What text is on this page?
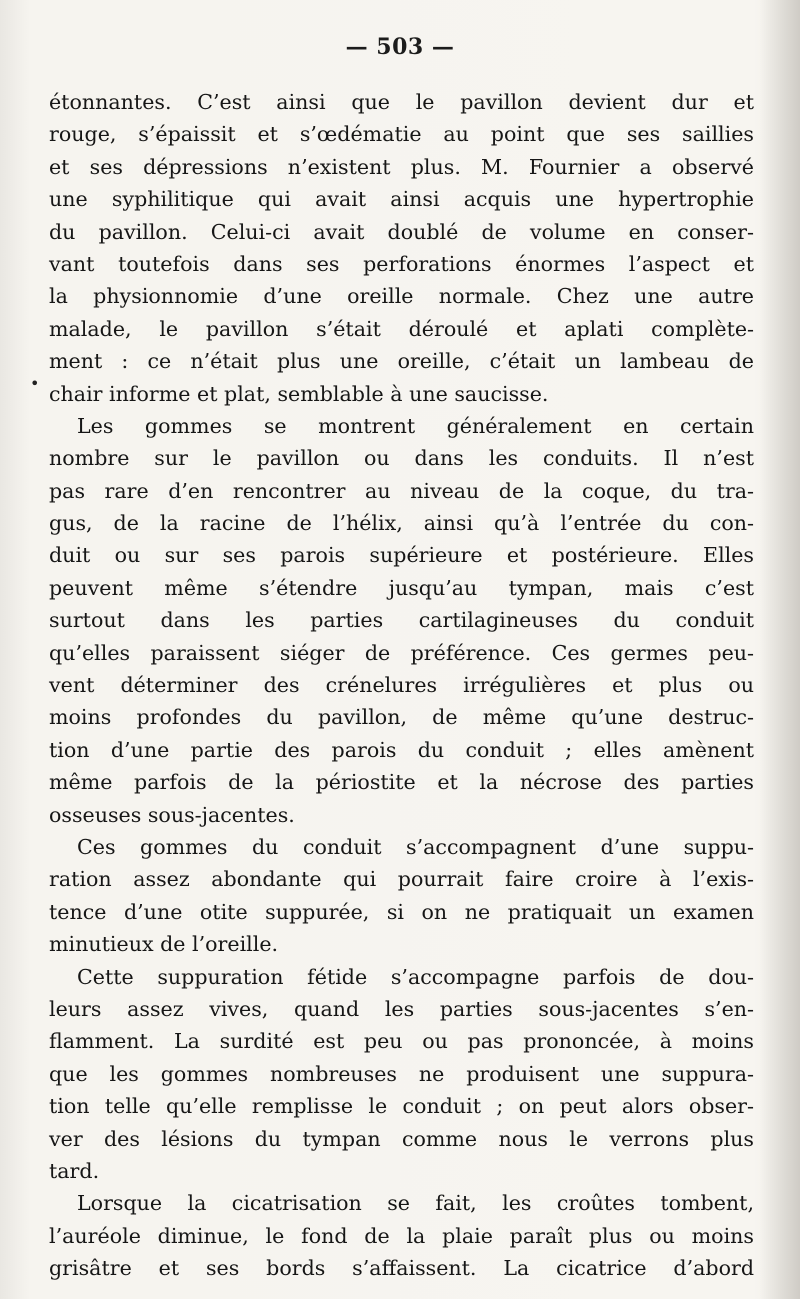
— 503 —
•
étonnantes. C’est ainsi que le pavillon devient dur et
rouge, s’épaissit et s’œdématie au point que ses saillies
et ses dépressions n’existent plus. M. Fournier a observé
une syphilitique qui avait ainsi acquis une hypertrophie
du pavillon. Celui-ci avait doublé de volume en conser-
vant toutefois dans ses perforations énormes l’aspect et
la physionnomie d’une oreille normale. Chez une autre
malade, le pavillon s’était déroulé et aplati complète-
ment : ce n’était plus une oreille, c’était un lambeau de
chair informe et plat, semblable à une saucisse.
Les gommes se montrent généralement en certain
nombre sur le pavillon ou dans les conduits. Il n’est
pas rare d’en rencontrer au niveau de la coque, du tra-
gus, de la racine de l’hélix, ainsi qu’à l’entrée du con-
duit ou sur ses parois supérieure et postérieure. Elles
peuvent même s’étendre jusqu’au tympan, mais c’est
surtout dans les parties cartilagineuses du conduit
qu’elles paraissent siéger de préférence. Ces germes peu-
vent déterminer des crénelures irrégulières et plus ou
moins profondes du pavillon, de même qu’une destruc-
tion d’une partie des parois du conduit ; elles amènent
même parfois de la périostite et la nécrose des parties
osseuses sous-jacentes.
Ces gommes du conduit s’accompagnent d’une suppu-
ration assez abondante qui pourrait faire croire à l’exis-
tence d’une otite suppurée, si on ne pratiquait un examen
minutieux de l’oreille.
Cette suppuration fétide s’accompagne parfois de dou-
leurs assez vives, quand les parties sous-jacentes s’en-
flamment. La surdité est peu ou pas prononcée, à moins
que les gommes nombreuses ne produisent une suppura-
tion telle qu’elle remplisse le conduit ; on peut alors obser-
ver des lésions du tympan comme nous le verrons plus
tard.
Lorsque la cicatrisation se fait, les croûtes tombent,
l’auréole diminue, le fond de la plaie paraît plus ou moins
grisâtre et ses bords s’affaissent. La cicatrice d’abord
